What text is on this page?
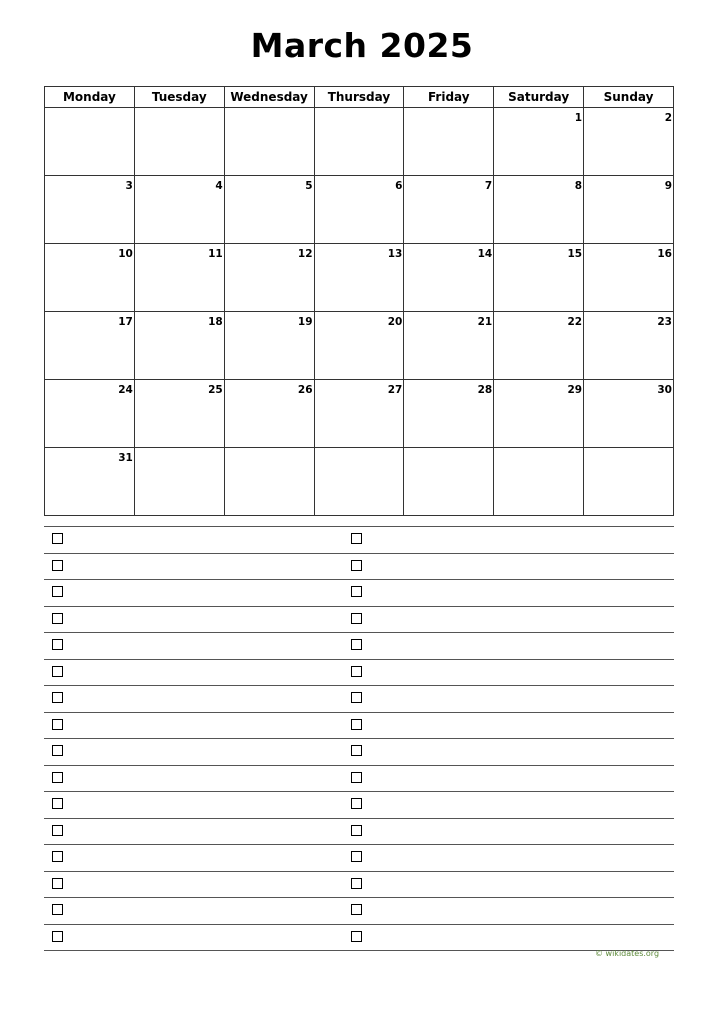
March 2025
Monday	Tuesday	Wednesday	Thursday	Friday	Saturday	Sunday
					1	2
3	4	5	6	7	8	9
10	11	12	13	14	15	16
17	18	19	20	21	22	23
24	25	26	27	28	29	30
31						
© wikidates.org
